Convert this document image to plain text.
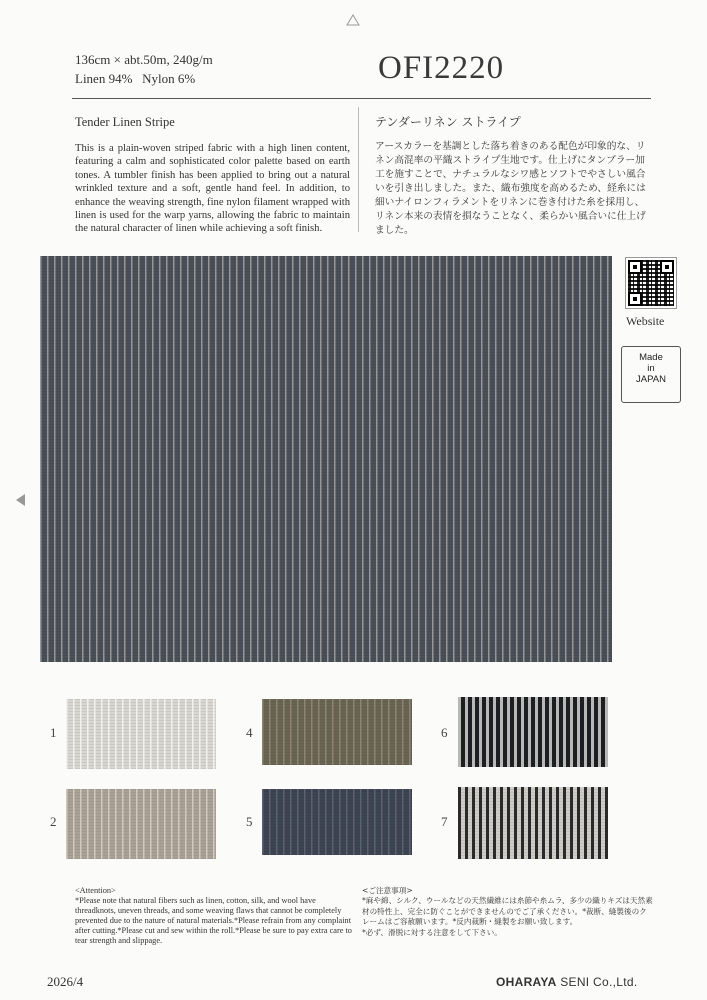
136cm × abt.50m, 240g/m
Linen 94%   Nylon 6%	OFI2220
Tender Linen Stripe	テンダーリネン ストライプ
This is a plain-woven striped fabric with a high linen content, featuring a calm and sophisticated color palette based on earth tones. A tumbler finish has been applied to bring out a natural wrinkled texture and a soft, gentle hand feel. In addition, to enhance the weaving strength, fine nylon filament wrapped with linen is used for the warp yarns, allowing the fabric to maintain the natural character of linen while achieving a soft finish.
アースカラーを基調とした落ち着きのある配色が印象的な、リネン高混率の平織ストライプ生地です。仕上げにタンブラー加工を施すことで、ナチュラルなシワ感とソフトでやさしい風合いを引き出しました。また、織布強度を高めるため、経糸には細いナイロンフィラメントをリネンに巻き付けた糸を採用し、リネン本来の表情を損なうことなく、柔らかい風合いに仕上げました。
Website
Made
in
JAPAN
1
2
4
5
6
7
<Attention>
*Please note that natural fibers such as linen, cotton, silk, and wool have threadknots, uneven threads, and some weaving flaws that cannot be completely prevented due to the nature of natural materials.*Please refrain from any complaint after cutting.*Please cut and sew within the roll.*Please be sure to pay extra care to tear strength and slippage.
<ご注意事項>
*麻や綿、シルク、ウールなどの天然繊維には糸節や糸ムラ、多少の織りキズは天然素材の特性上、完全に防ぐことができませんのでご了承ください。*裁断、縫製後のクレームはご容赦願います。*反内裁断・縫製をお願い致します。
*必ず、滑脱に対する注意をして下さい。
2026/4	OHARAYA SENI Co.,Ltd.
